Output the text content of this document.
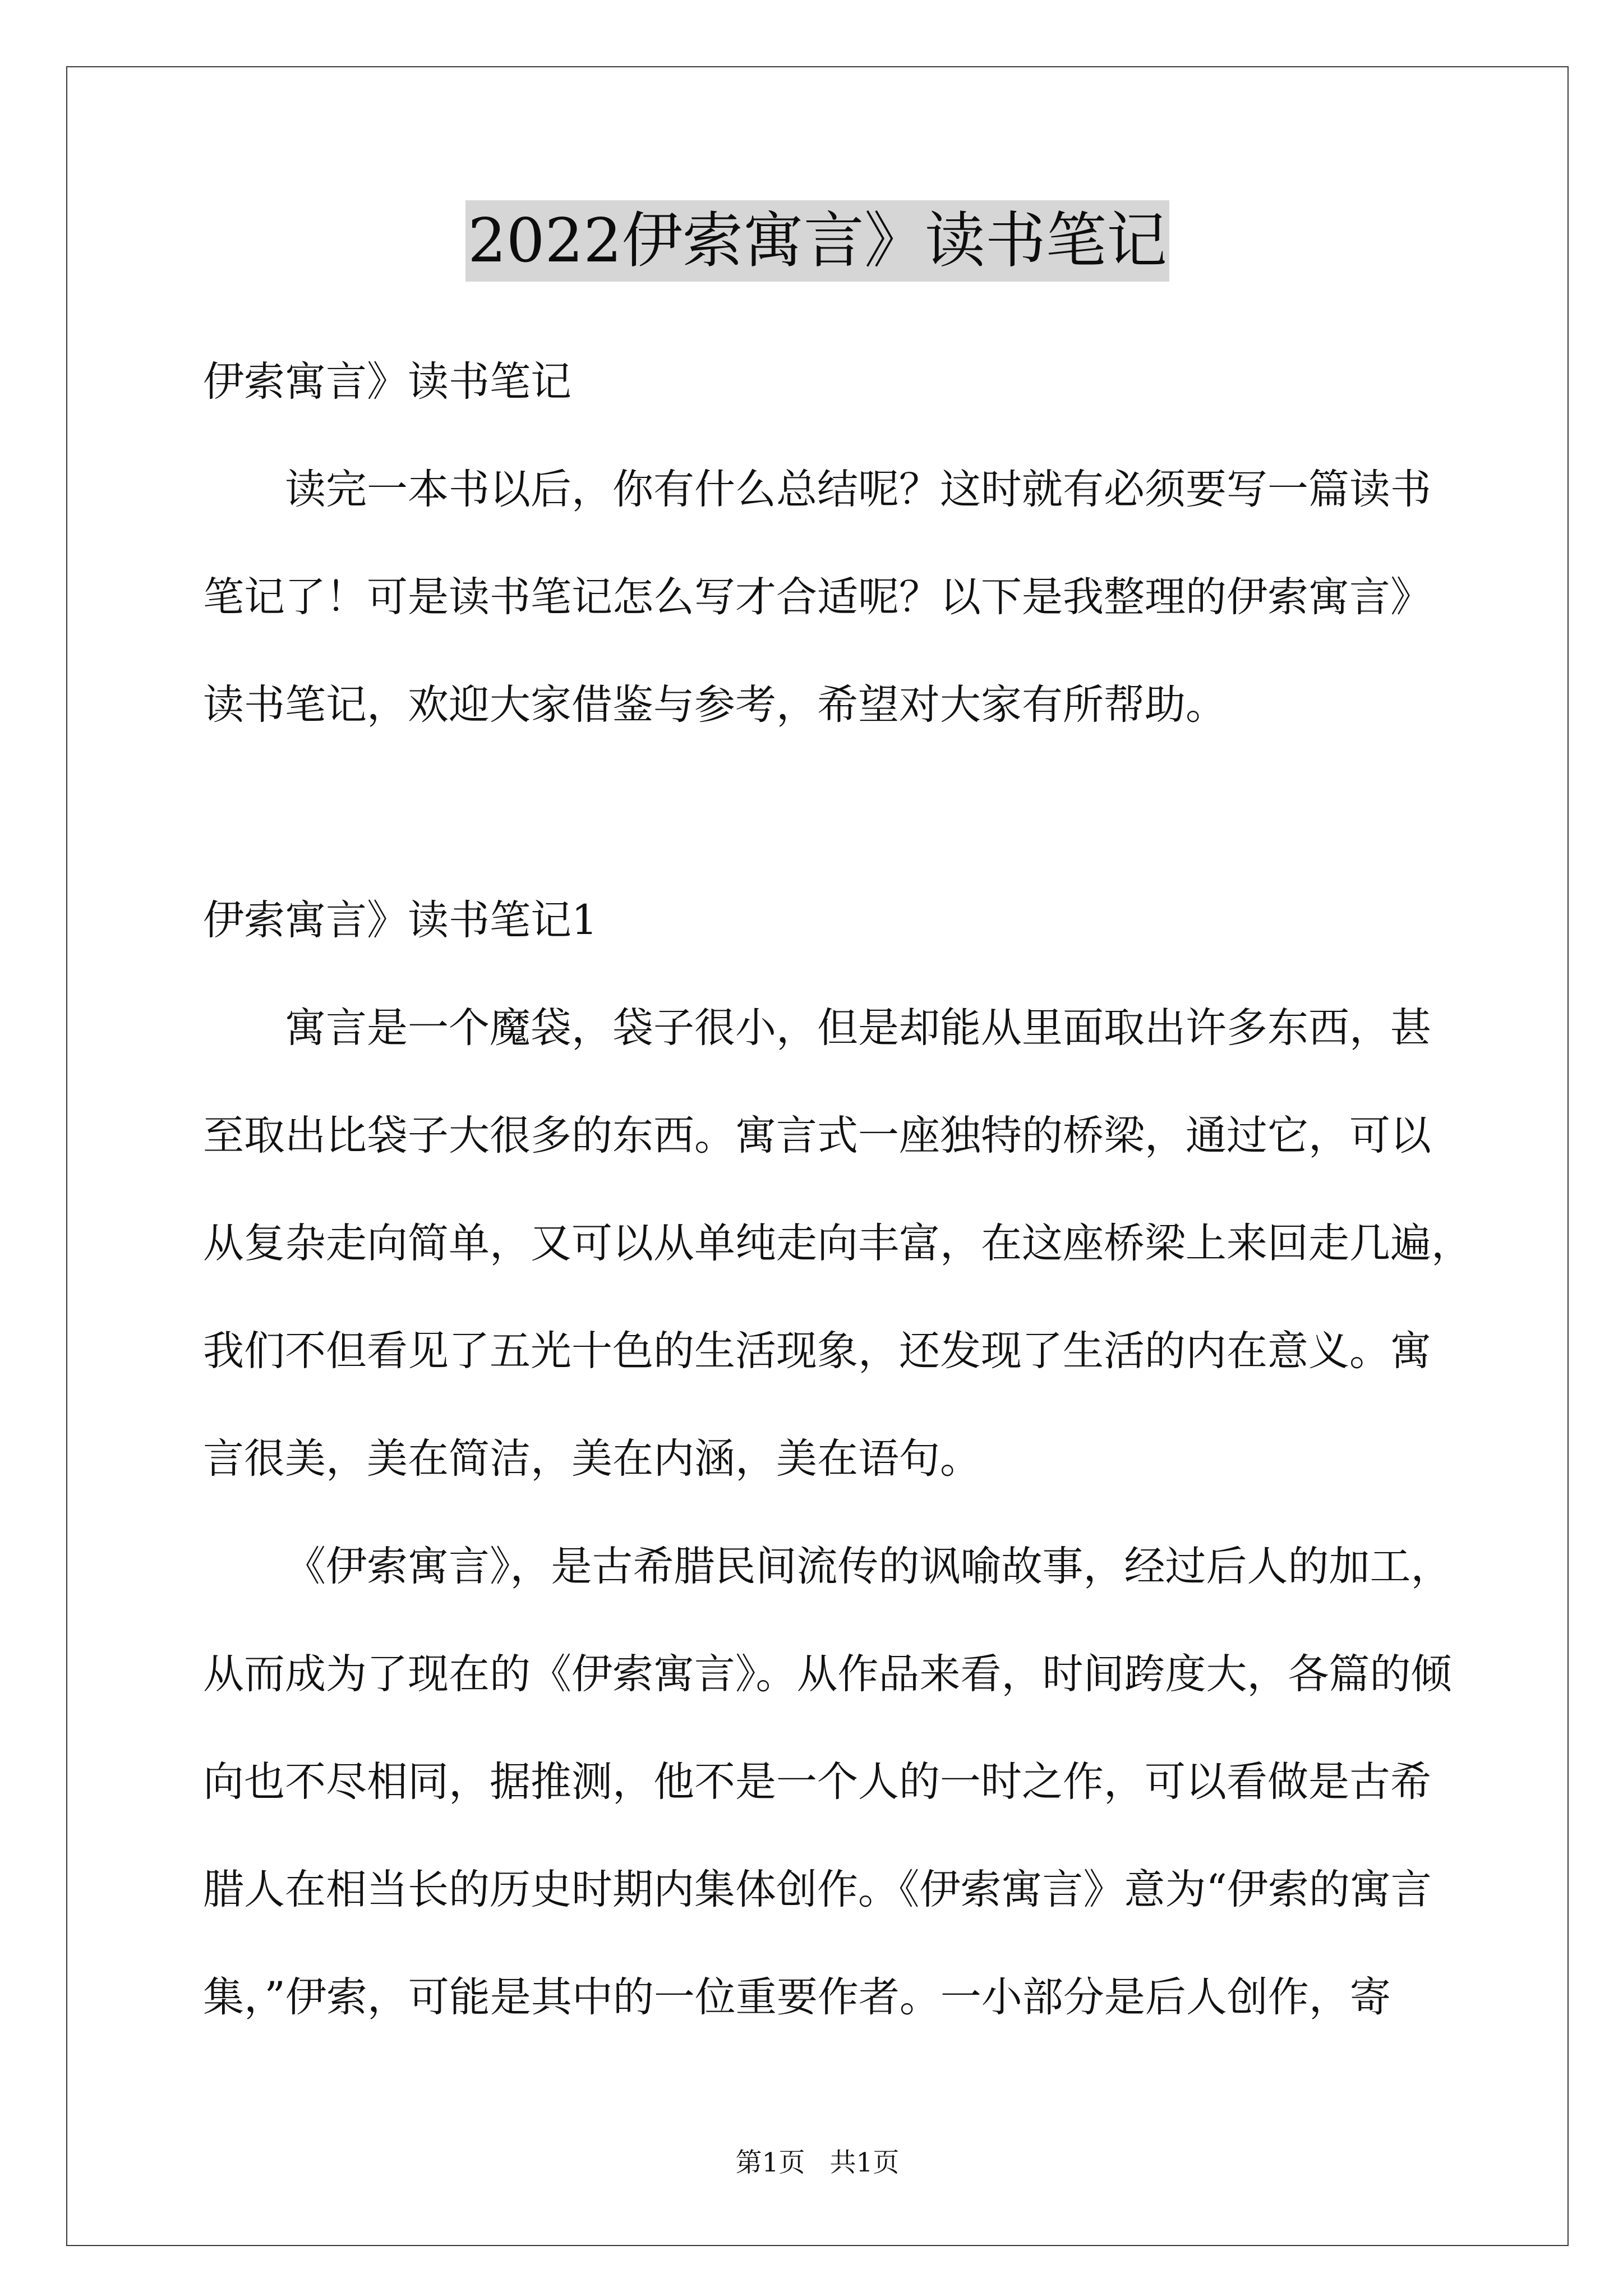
2022伊索寓言》读书笔记
伊索寓言》读书笔记
读完一本书以后，你有什么总结呢？这时就有必须要写一篇读书
笔记了！可是读书笔记怎么写才合适呢？以下是我整理的伊索寓言》
读书笔记，欢迎大家借鉴与参考，希望对大家有所帮助。
伊索寓言》读书笔记1
寓言是一个魔袋，袋子很小，但是却能从里面取出许多东西，甚
至取出比袋子大很多的东西。寓言式一座独特的桥梁，通过它，可以
从复杂走向简单，又可以从单纯走向丰富，在这座桥梁上来回走几遍，
我们不但看见了五光十色的生活现象，还发现了生活的内在意义。寓
言很美，美在简洁，美在内涵，美在语句。
《伊索寓言》，是古希腊民间流传的讽喻故事，经过后人的加工，
从而成为了现在的《伊索寓言》。从作品来看，时间跨度大，各篇的倾
向也不尽相同，据推测，他不是一个人的一时之作，可以看做是古希
腊人在相当长的历史时期内集体创作。《伊索寓言》意为“伊索的寓言
集，”伊索，可能是其中的一位重要作者。一小部分是后人创作，寄
第1页 共1页
